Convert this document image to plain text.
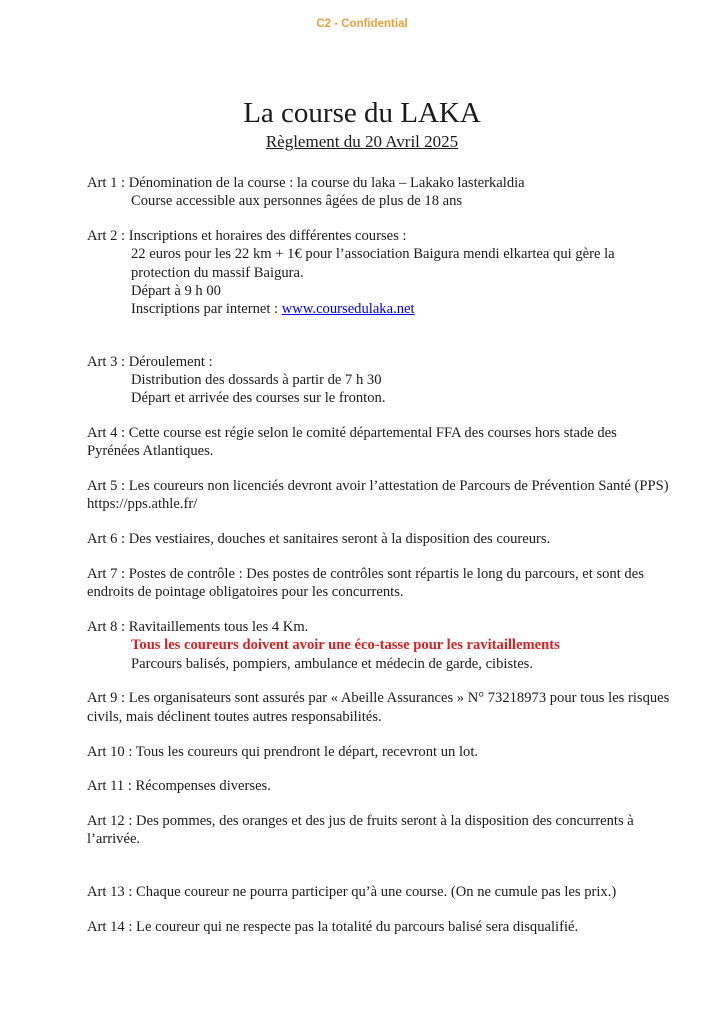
C2 - Confidential
La course du LAKA
Règlement du 20 Avril 2025
Art 1 : Dénomination de la course : la course du laka – Lakako lasterkaldia
Course accessible aux personnes âgées de plus de 18 ans
Art 2 : Inscriptions et horaires des différentes courses :
22 euros pour les 22 km + 1€ pour l’association Baigura mendi elkartea qui gère la protection du massif Baigura.
Départ à 9 h 00
Inscriptions par internet : www.coursedulaka.net
Art 3 : Déroulement :
Distribution des dossards à partir de 7 h 30
Départ et arrivée des courses sur le fronton.
Art 4 : Cette course est régie selon le comité départemental FFA des courses hors stade des Pyrénées Atlantiques.
Art 5 : Les coureurs non licenciés devront avoir l’attestation de Parcours de Prévention Santé (PPS) https://pps.athle.fr/
Art 6 : Des vestiaires, douches et sanitaires seront à la disposition des coureurs.
Art 7 : Postes de contrôle : Des postes de contrôles sont répartis le long du parcours, et sont des endroits de pointage obligatoires pour les concurrents.
Art 8 : Ravitaillements tous les 4 Km.
Tous les coureurs doivent avoir une éco-tasse pour les ravitaillements
Parcours balisés, pompiers, ambulance et médecin de garde, cibistes.
Art 9 : Les organisateurs sont assurés par « Abeille Assurances » N° 73218973 pour tous les risques civils, mais déclinent toutes autres responsabilités.
Art 10 : Tous les coureurs qui prendront le départ, recevront un lot.
Art 11 : Récompenses diverses.
Art 12 : Des pommes, des oranges et des jus de fruits seront à la disposition des concurrents à l’arrivée.
Art 13 : Chaque coureur ne pourra participer qu’à une course. (On ne cumule pas les prix.)
Art 14 : Le coureur qui ne respecte pas la totalité du parcours balisé sera disqualifié.
